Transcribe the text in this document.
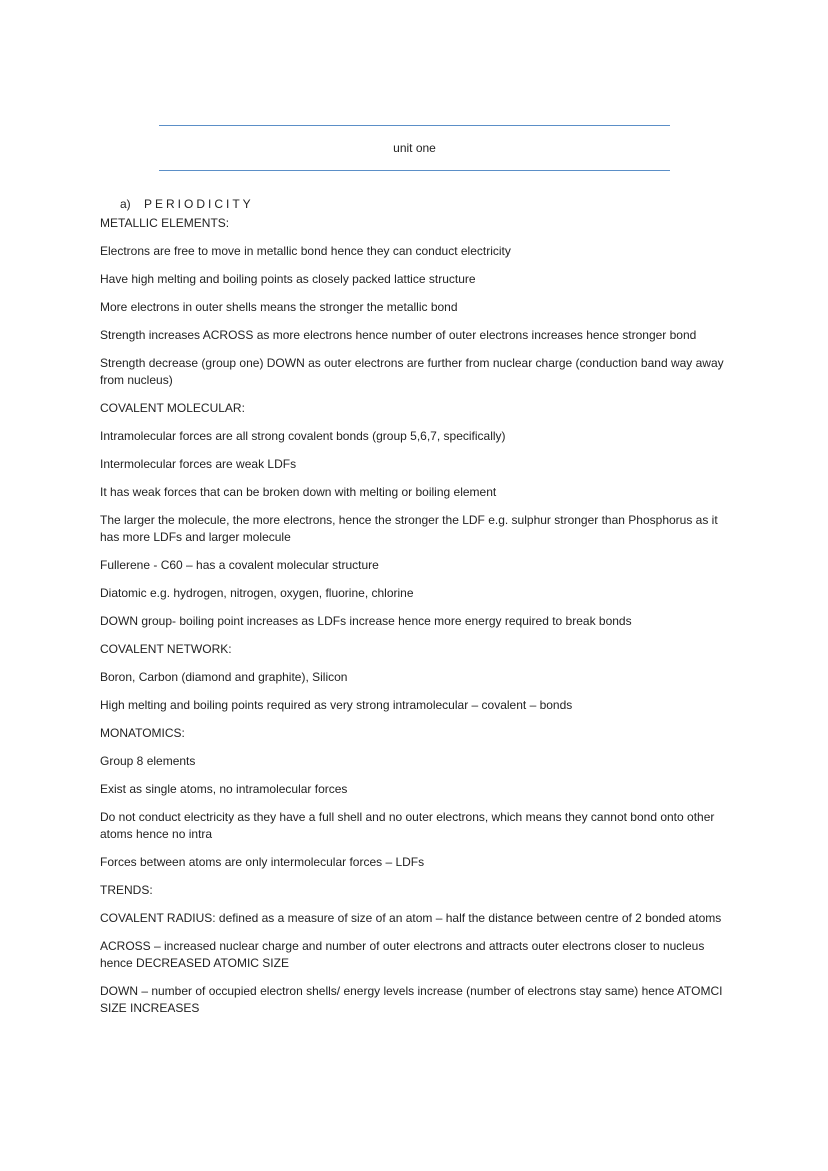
unit one
a) PERIODICITY

METALLIC ELEMENTS:

Electrons are free to move in metallic bond hence they can conduct electricity

Have high melting and boiling points as closely packed lattice structure

More electrons in outer shells means the stronger the metallic bond

Strength increases ACROSS as more electrons hence number of outer electrons increases hence stronger bond

Strength decrease (group one) DOWN as outer electrons are further from nuclear charge (conduction band way away from nucleus)

COVALENT MOLECULAR:

Intramolecular forces are all strong covalent bonds (group 5,6,7, specifically)

Intermolecular forces are weak LDFs

It has weak forces that can be broken down with melting or boiling element

The larger the molecule, the more electrons, hence the stronger the LDF e.g. sulphur stronger than Phosphorus as it has more LDFs and larger molecule

Fullerene - C60 – has a covalent molecular structure

Diatomic e.g. hydrogen, nitrogen, oxygen, fluorine, chlorine

DOWN group- boiling point increases as LDFs increase hence more energy required to break bonds

COVALENT NETWORK:

Boron, Carbon (diamond and graphite), Silicon

High melting and boiling points required as very strong intramolecular – covalent – bonds

MONATOMICS:

Group 8 elements

Exist as single atoms, no intramolecular forces

Do not conduct electricity as they have a full shell and no outer electrons, which means they cannot bond onto other atoms hence no intra

Forces between atoms are only intermolecular forces – LDFs

TRENDS:

COVALENT RADIUS: defined as a measure of size of an atom – half the distance between centre of 2 bonded atoms

ACROSS – increased nuclear charge and number of outer electrons and attracts outer electrons closer to nucleus hence DECREASED ATOMIC SIZE

DOWN – number of occupied electron shells/ energy levels increase (number of electrons stay same) hence ATOMCI SIZE INCREASES
